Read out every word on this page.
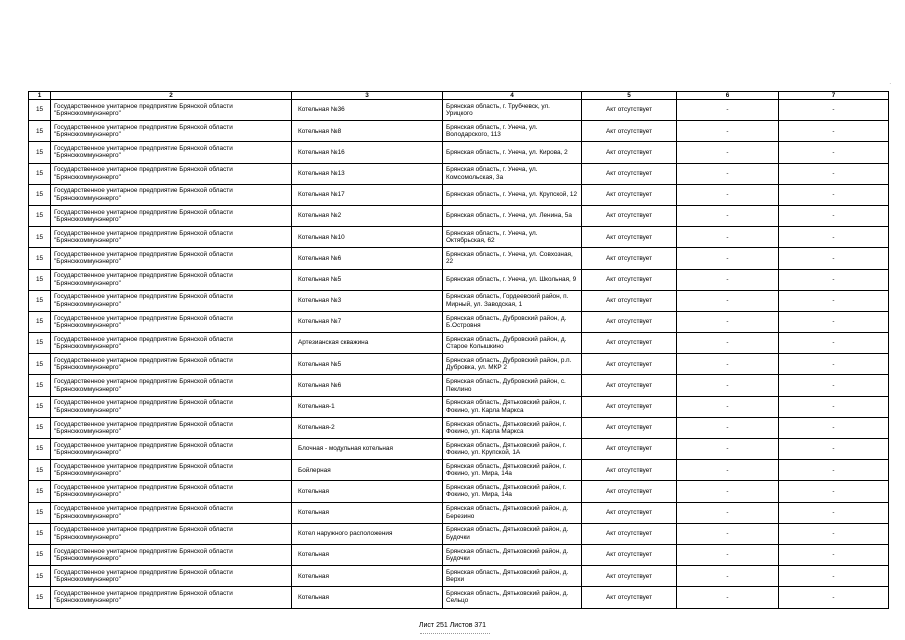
1	2	3	4	5	6	7
15	Государственное унитарное предприятие Брянской области "Брянсккоммунэнерго"	Котельная №36	Брянская область, г. Трубчевск, ул. Урицкого	Акт отсутствует	-	-
15	Государственное унитарное предприятие Брянской области "Брянсккоммунэнерго"	Котельная №8	Брянская область, г. Унеча, ул. Володарского, 113	Акт отсутствует	-	-
15	Государственное унитарное предприятие Брянской области "Брянсккоммунэнерго"	Котельная №16	Брянская область, г. Унеча, ул. Кирова, 2	Акт отсутствует	-	-
15	Государственное унитарное предприятие Брянской области "Брянсккоммунэнерго"	Котельная №13	Брянская область, г. Унеча, ул. Комсомольская, 3а	Акт отсутствует	-	-
15	Государственное унитарное предприятие Брянской области "Брянсккоммунэнерго"	Котельная №17	Брянская область, г. Унеча, ул. Крупской, 12	Акт отсутствует	-	-
15	Государственное унитарное предприятие Брянской области "Брянсккоммунэнерго"	Котельная №2	Брянская область, г. Унеча, ул. Ленина, 5а	Акт отсутствует	-	-
15	Государственное унитарное предприятие Брянской области "Брянсккоммунэнерго"	Котельная №10	Брянская область, г. Унеча, ул. Октябрьская, 62	Акт отсутствует	-	-
15	Государственное унитарное предприятие Брянской области "Брянсккоммунэнерго"	Котельная №6	Брянская область, г. Унеча, ул. Совхозная, 22	Акт отсутствует	-	-
15	Государственное унитарное предприятие Брянской области "Брянсккоммунэнерго"	Котельная №5	Брянская область, г. Унеча, ул. Школьная, 9	Акт отсутствует	-	-
15	Государственное унитарное предприятие Брянской области "Брянсккоммунэнерго"	Котельная №3	Брянская область, Гордеевский район, п. Мирный, ул. Заводская, 1	Акт отсутствует	-	-
15	Государственное унитарное предприятие Брянской области "Брянсккоммунэнерго"	Котельная №7	Брянская область, Дубровский район, д. Б.Островня	Акт отсутствует	-	-
15	Государственное унитарное предприятие Брянской области "Брянсккоммунэнерго"	Артезианская скважина	Брянская область, Дубровский район, д. Старое Колышкино	Акт отсутствует	-	-
15	Государственное унитарное предприятие Брянской области "Брянсккоммунэнерго"	Котельная №5	Брянская область, Дубровский район, р.п. Дубровка, ул. МКР 2	Акт отсутствует	-	-
15	Государственное унитарное предприятие Брянской области "Брянсккоммунэнерго"	Котельная №6	Брянская область, Дубровский район, с. Пеклино	Акт отсутствует	-	-
15	Государственное унитарное предприятие Брянской области "Брянсккоммунэнерго"	Котельная-1	Брянская область, Дятьковский район, г. Фокино, ул. Карла Маркса	Акт отсутствует	-	-
15	Государственное унитарное предприятие Брянской области "Брянсккоммунэнерго"	Котельная-2	Брянская область, Дятьковский район, г. Фокино, ул. Карла Маркса	Акт отсутствует	-	-
15	Государственное унитарное предприятие Брянской области "Брянсккоммунэнерго"	Блочная - модульная котельная	Брянская область, Дятьковский район, г. Фокино, ул. Крупской, 1А	Акт отсутствует	-	-
15	Государственное унитарное предприятие Брянской области "Брянсккоммунэнерго"	Бойлерная	Брянская область, Дятьковский район, г. Фокино, ул. Мира, 14а	Акт отсутствует	-	-
15	Государственное унитарное предприятие Брянской области "Брянсккоммунэнерго"	Котельная	Брянская область, Дятьковский район, г. Фокино, ул. Мира, 14а	Акт отсутствует	-	-
15	Государственное унитарное предприятие Брянской области "Брянсккоммунэнерго"	Котельная	Брянская область, Дятьковский район, д. Березино	Акт отсутствует	-	-
15	Государственное унитарное предприятие Брянской области "Брянсккоммунэнерго"	Котел наружного расположения	Брянская область, Дятьковский район, д. Будочки	Акт отсутствует	-	-
15	Государственное унитарное предприятие Брянской области "Брянсккоммунэнерго"	Котельная	Брянская область, Дятьковский район, д. Будочки	Акт отсутствует	-	-
15	Государственное унитарное предприятие Брянской области "Брянсккоммунэнерго"	Котельная	Брянская область, Дятьковский район, д. Верхи	Акт отсутствует	-	-
15	Государственное унитарное предприятие Брянской области "Брянсккоммунэнерго"	Котельная	Брянская область, Дятьковский район, д. Сельцо	Акт отсутствует	-	-
.
Лист 251 Листов 371
